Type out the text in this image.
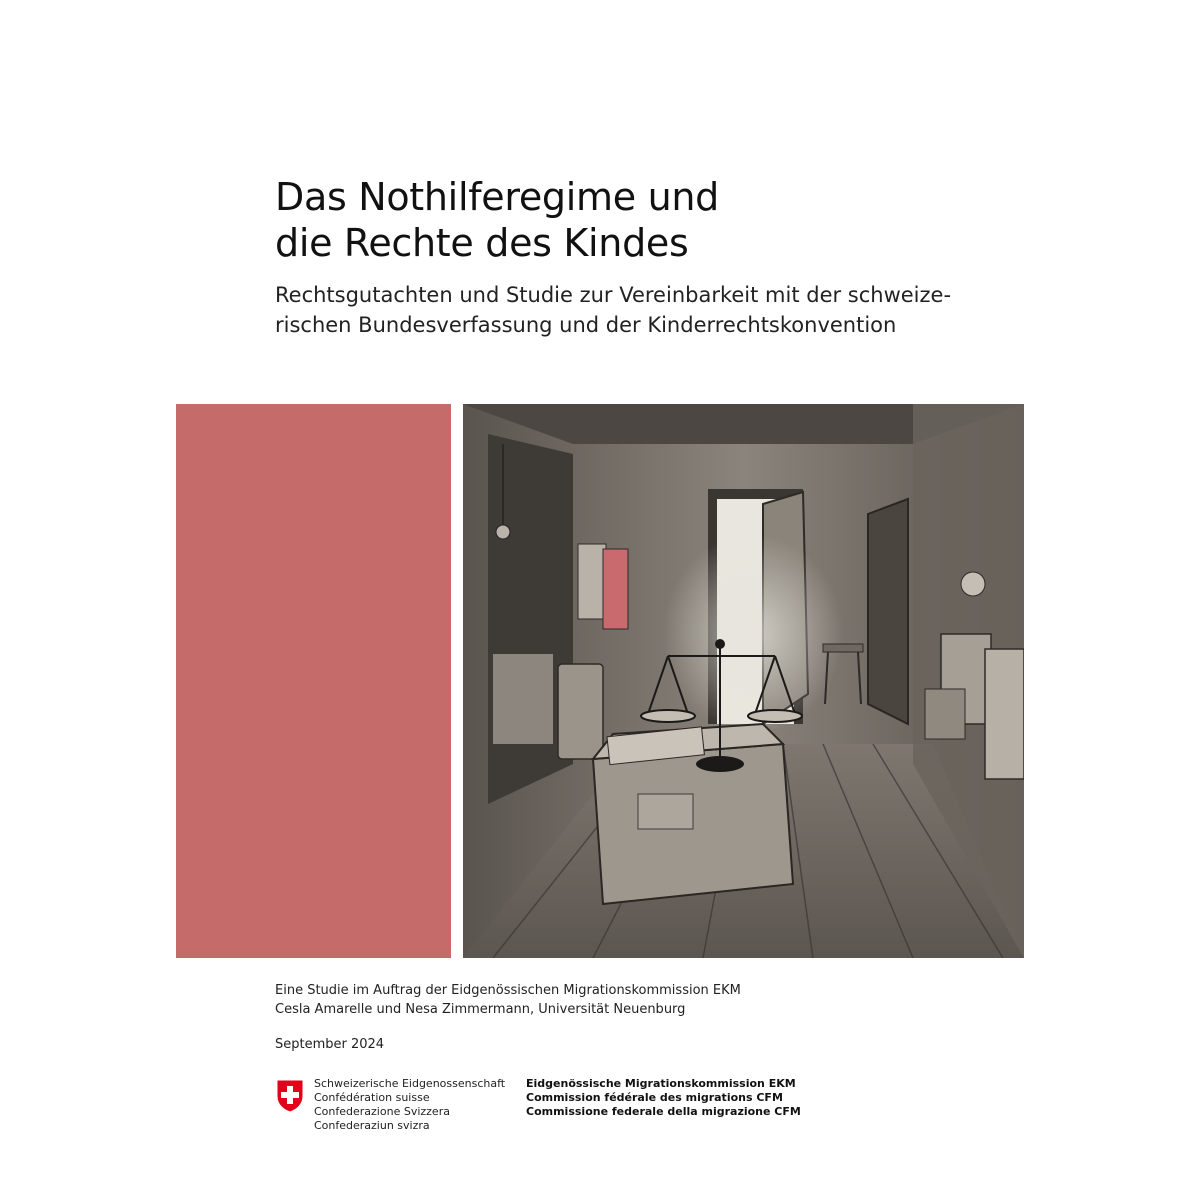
Das Nothilferegime und
die Rechte des Kindes
Rechtsgutachten und Studie zur Vereinbarkeit mit der schweize-
rischen Bundesverfassung und der Kinderrechtskonvention
Eine Studie im Auftrag der Eidgenössischen Migrationskommission EKM
Cesla Amarelle und Nesa Zimmermann, Universität Neuenburg
September 2024
Schweizerische Eidgenossenschaft
Confédération suisse
Confederazione Svizzera
Confederaziun svizra
Eidgenössische Migrationskommission EKM
Commission fédérale des migrations CFM
Commissione federale della migrazione CFM
